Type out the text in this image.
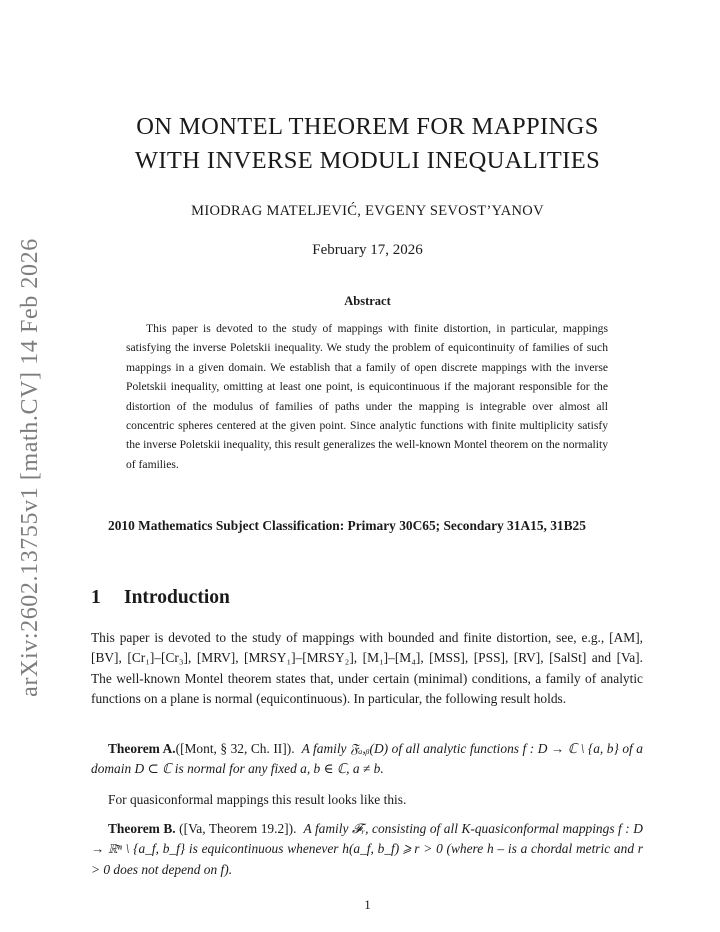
arXiv:2602.13755v1 [math.CV] 14 Feb 2026
ON MONTEL THEOREM FOR MAPPINGS
WITH INVERSE MODULI INEQUALITIES
MIODRAG MATELJEVIĆ, EVGENY SEVOST’YANOV
February 17, 2026
Abstract

This paper is devoted to the study of mappings with finite distortion, in particular, mappings satisfying the inverse Poletskii inequality. We study the problem of equicontinuity of families of such mappings in a given domain. We establish that a family of open discrete mappings with the inverse Poletskii inequality, omitting at least one point, is equicontinuous if the majorant responsible for the distortion of the modulus of families of paths under the mapping is integrable over almost all concentric spheres centered at the given point. Since analytic functions with finite multiplicity satisfy the inverse Poletskii inequality, this result generalizes the well-known Montel theorem on the normality of families.

2010 Mathematics Subject Classification: Primary 30C65; Secondary 31A15, 31B25

1 Introduction

This paper is devoted to the study of mappings with bounded and finite distortion, see, e.g., [AM], [BV], [Cr₁]–[Cr₃], [MRV], [MRSY₁]–[MRSY₂], [M₁]–[M₄], [MSS], [PSS], [RV], [SalSt] and [Va]. The well-known Montel theorem states that, under certain (minimal) conditions, a family of analytic functions on a plane is normal (equicontinuous). In particular, the following result holds.

Theorem A.([Mont, § 32, Ch. II]). A family 𝔉ₐ,ᵦ(D) of all analytic functions f : D → ℂ \ {a, b} of a domain D ⊂ ℂ is normal for any fixed a, b ∈ ℂ, a ≠ b.

For quasiconformal mappings this result looks like this.

Theorem B. ([Va, Theorem 19.2]). A family 𝓕ᵣ, consisting of all K-quasiconformal mappings f : D → ℝ̄ⁿ \ {a_f, b_f} is equicontinuous whenever h(a_f, b_f) ⩾ r > 0 (where h – is a chordal metric and r > 0 does not depend on f).

1
